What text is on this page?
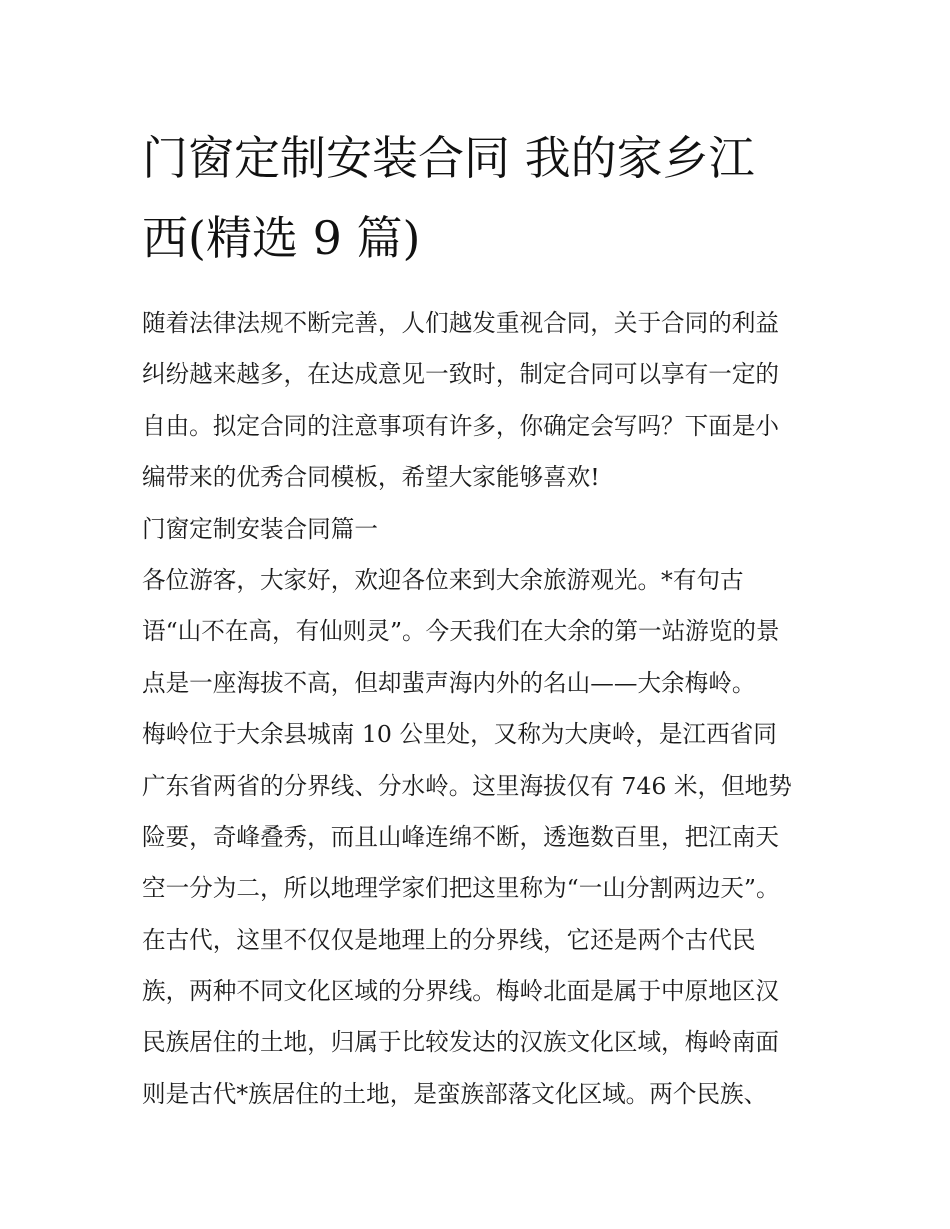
门窗定制安装合同 我的家乡江
西(精选 9 篇)

随着法律法规不断完善，人们越发重视合同，关于合同的利益

纠纷越来越多，在达成意见一致时，制定合同可以享有一定的

自由。拟定合同的注意事项有许多，你确定会写吗？下面是小

编带来的优秀合同模板，希望大家能够喜欢!

门窗定制安装合同篇一

各位游客，大家好，欢迎各位来到大余旅游观光。*有句古

语“山不在高，有仙则灵”。今天我们在大余的第一站游览的景

点是一座海拔不高，但却蜚声海内外的名山——大余梅岭。

梅岭位于大余县城南 10 公里处，又称为大庚岭，是江西省同

广东省两省的分界线、分水岭。这里海拔仅有 746 米，但地势

险要，奇峰叠秀，而且山峰连绵不断，透迤数百里，把江南天

空一分为二，所以地理学家们把这里称为“一山分割两边天”。

在古代，这里不仅仅是地理上的分界线，它还是两个古代民

族，两种不同文化区域的分界线。梅岭北面是属于中原地区汉

民族居住的土地，归属于比较发达的汉族文化区域，梅岭南面

则是古代*族居住的土地，是蛮族部落文化区域。两个民族、
